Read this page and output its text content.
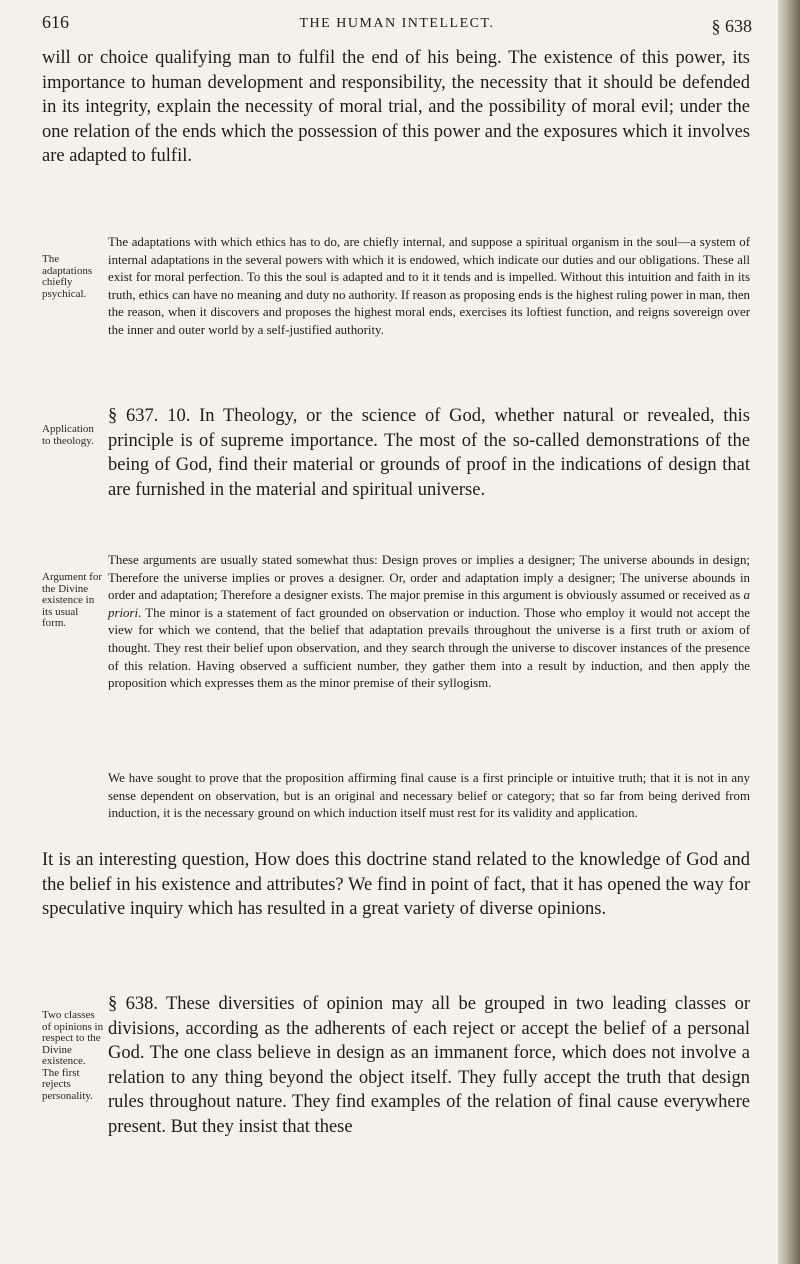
616	THE HUMAN INTELLECT.	§ 638

will or choice qualifying man to fulfil the end of his being. The existence of this power, its importance to human development and responsibility, the necessity that it should be defended in its integrity, explain the necessity of moral trial, and the possibility of moral evil; under the one relation of the ends which the possession of this power and the exposures which it involves are adapted to fulfil.

The adaptations chiefly psychical.

The adaptations with which ethics has to do, are chiefly internal, and suppose a spiritual organism in the soul—a system of internal adaptations in the several powers with which it is endowed, which indicate our duties and our obligations. These all exist for moral perfection. To this the soul is adapted and to it it tends and is impelled. Without this intuition and faith in its truth, ethics can have no meaning and duty no authority. If reason as proposing ends is the highest ruling power in man, then the reason, when it discovers and proposes the highest moral ends, exercises its loftiest function, and reigns sovereign over the inner and outer world by a self-justified authority.

Application to theology.

§ 637. 10. In Theology, or the science of God, whether natural or revealed, this principle is of supreme importance. The most of the so-called demonstrations of the being of God, find their material or grounds of proof in the indications of design that are furnished in the material and spiritual universe.

Argument for the Divine existence in its usual form.

These arguments are usually stated somewhat thus: Design proves or implies a designer; The universe abounds in design; Therefore the universe implies or proves a designer. Or, order and adaptation imply a designer; The universe abounds in order and adaptation; Therefore a designer exists. The major premise in this argument is obviously assumed or received as a priori. The minor is a statement of fact grounded on observation or induction. Those who employ it would not accept the view for which we contend, that the belief that adaptation prevails throughout the universe is a first truth or axiom of thought. They rest their belief upon observation, and they search through the universe to discover instances of the presence of this relation. Having observed a sufficient number, they gather them into a result by induction, and then apply the proposition which expresses them as the minor premise of their syllogism.

We have sought to prove that the proposition affirming final cause is a first principle or intuitive truth; that it is not in any sense dependent on observation, but is an original and necessary belief or category; that so far from being derived from induction, it is the necessary ground on which induction itself must rest for its validity and application.

It is an interesting question, How does this doctrine stand related to the knowledge of God and the belief in his existence and attributes? We find in point of fact, that it has opened the way for speculative inquiry which has resulted in a great variety of diverse opinions.

Two classes of opinions in respect to the Divine existence. The first rejects personality.

§ 638. These diversities of opinion may all be grouped in two leading classes or divisions, according as the adherents of each reject or accept the belief of a personal God. The one class believe in design as an immanent force, which does not involve a relation to any thing beyond the object itself. They fully accept the truth that design rules throughout nature. They find examples of the relation of final cause everywhere present. But they insist that these
